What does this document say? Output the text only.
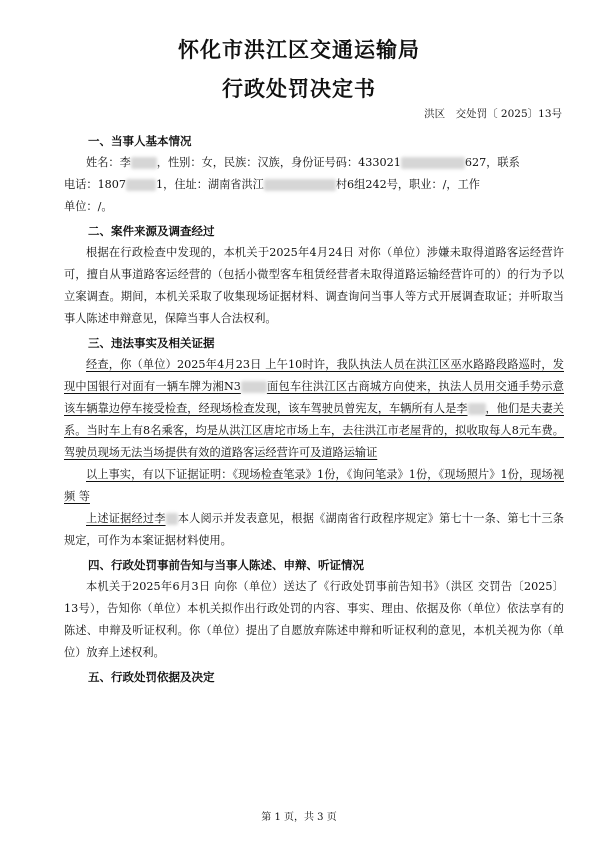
怀化市洪江区交通运输局
行政处罚决定书
洪区　交处罚〔 2025〕13号
一、当事人基本情况

姓名：李 ，性别：女，民族：汉族，身份证号码：433021	627，联系
电话：1807	1，住址：湖南省洪江	村6组242号，职业：/，工作
单位：/。

二、案件来源及调查经过

根据在行政检查中发现的，本机关于2025年4月24日 对你（单位）涉嫌未取得道路客运经营许可，擅自从事道路客运经营的（包括小微型客车租赁经营者未取得道路运输经营许可的）的行为予以立案调查。期间，本机关采取了收集现场证据材料、调查询问当事人等方式开展调查取证；并听取当事人陈述申辩意见，保障当事人合法权利。

三、违法事实及相关证据

经查，你（单位）2025年4月23日 上午10时许，我队执法人员在洪江区巫水路路段路巡时，发现中国银行对面有一辆车牌为湘N3 面包车往洪江区古商城方向使来，执法人员用交通手势示意该车辆靠边停车接受检查，经现场检查发现，该车驾驶员曾宪友，车辆所有人是李 ，他们是夫妻关系。当时车上有8名乘客，均是从洪江区唐坨市场上车，去往洪江市老屋背的，拟收取每人8元车费。驾驶员现场无法当场提供有效的道路客运经营许可及道路运输证

以上事实，有以下证据证明：《现场检查笔录》1份，《询问笔录》1份，《现场照片》1份，现场视频 等

上述证据经过李 本人阅示并发表意见，根据《湖南省行政程序规定》第七十一条、第七十三条规定，可作为本案证据材料使用。

四、行政处罚事前告知与当事人陈述、申辩、听证情况

本机关于2025年6月3日 向你（单位）送达了《行政处罚事前告知书》（洪区 交罚告〔2025〕13号），告知你（单位）本机关拟作出行政处罚的内容、事实、理由、依据及你（单位）依法享有的陈述、申辩及听证权利。你（单位）提出了自愿放弃陈述申辩和听证权利的意见，本机关视为你（单位）放弃上述权利。

五、行政处罚依据及决定
第 1 页，共 3 页
